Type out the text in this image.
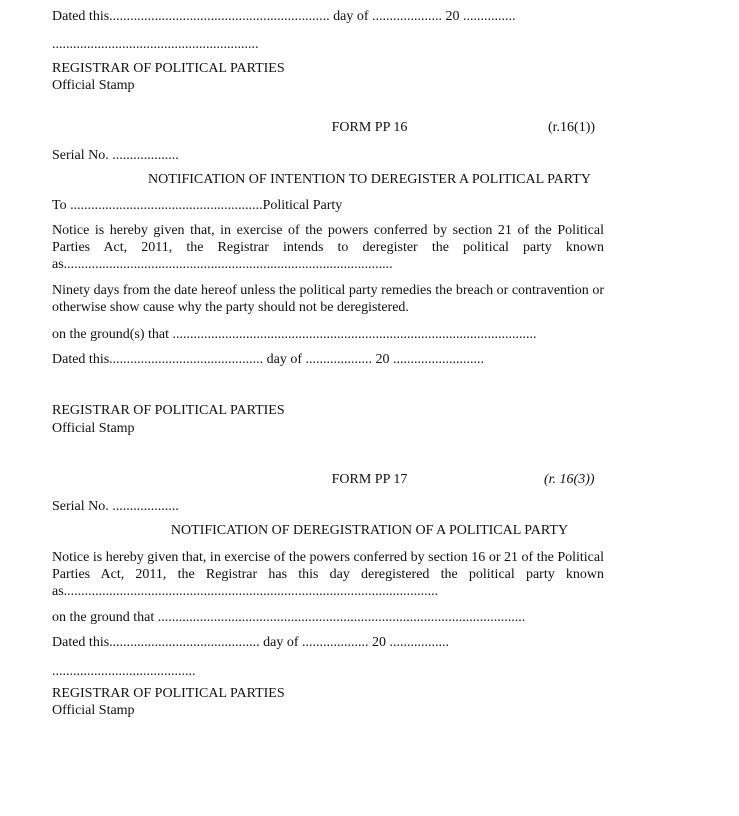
Dated this............................................................... day of .................... 20 ...............
...........................................................
REGISTRAR OF POLITICAL PARTIES
Official Stamp
FORM PP 16	(r.16(1))
Serial No. ...................
NOTIFICATION OF INTENTION TO DEREGISTER A POLITICAL PARTY
To .......................................................Political Party
Notice is hereby given that, in exercise of the powers conferred by section 21 of the Political Parties Act, 2011, the Registrar intends to deregister the political party known as..............................................................................................
Ninety days from the date hereof unless the political party remedies the breach or contravention or otherwise show cause why the party should not be deregistered.
on the ground(s) that ........................................................................................................
Dated this............................................ day of ................... 20 ..........................
REGISTRAR OF POLITICAL PARTIES
Official Stamp
FORM PP 17	(r. 16(3))
Serial No. ...................
NOTIFICATION OF DEREGISTRATION OF A POLITICAL PARTY
Notice is hereby given that, in exercise of the powers conferred by section 16 or 21 of the Political Parties Act, 2011, the Registrar has this day deregistered the political party known as...........................................................................................................
on the ground that .........................................................................................................
Dated this........................................... day of ................... 20 .................
.........................................
REGISTRAR OF POLITICAL PARTIES
Official Stamp
